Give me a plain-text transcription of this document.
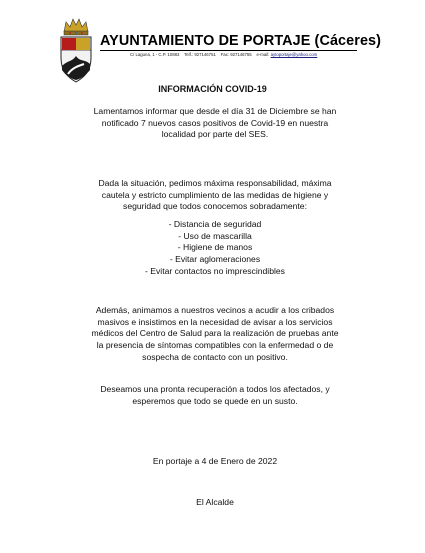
AYUNTAMIENTO DE PORTAJE (Cáceres)
C/ Laguna, 1 - C.P. 10883 Telf.: 927146751 Fax: 927146755 e-mail: aytoportaje@yahoo.com
INFORMACIÓN COVID-19

Lamentamos informar que desde el día 31 de Diciembre se han

notificado 7 nuevos casos positivos de Covid-19 en nuestra

localidad por parte del SES.

Dada la situación, pedimos máxima responsabilidad, máxima

cautela y estricto cumplimiento de las medidas de higiene y

seguridad que todos conocemos sobradamente:

- Distancia de seguridad
- Uso de mascarilla
- Higiene de manos
- Evitar aglomeraciones
- Evitar contactos no imprescindibles

Además, animamos a nuestros vecinos a acudir a los cribados

masivos e insistimos en la necesidad de avisar a los servicios

médicos del Centro de Salud para la realización de pruebas ante

la presencia de síntomas compatibles con la enfermedad o de

sospecha de contacto con un positivo.

Deseamos una pronta recuperación a todos los afectados, y

esperemos que todo se quede en un susto.

En portaje a 4 de Enero de 2022
El Alcalde
